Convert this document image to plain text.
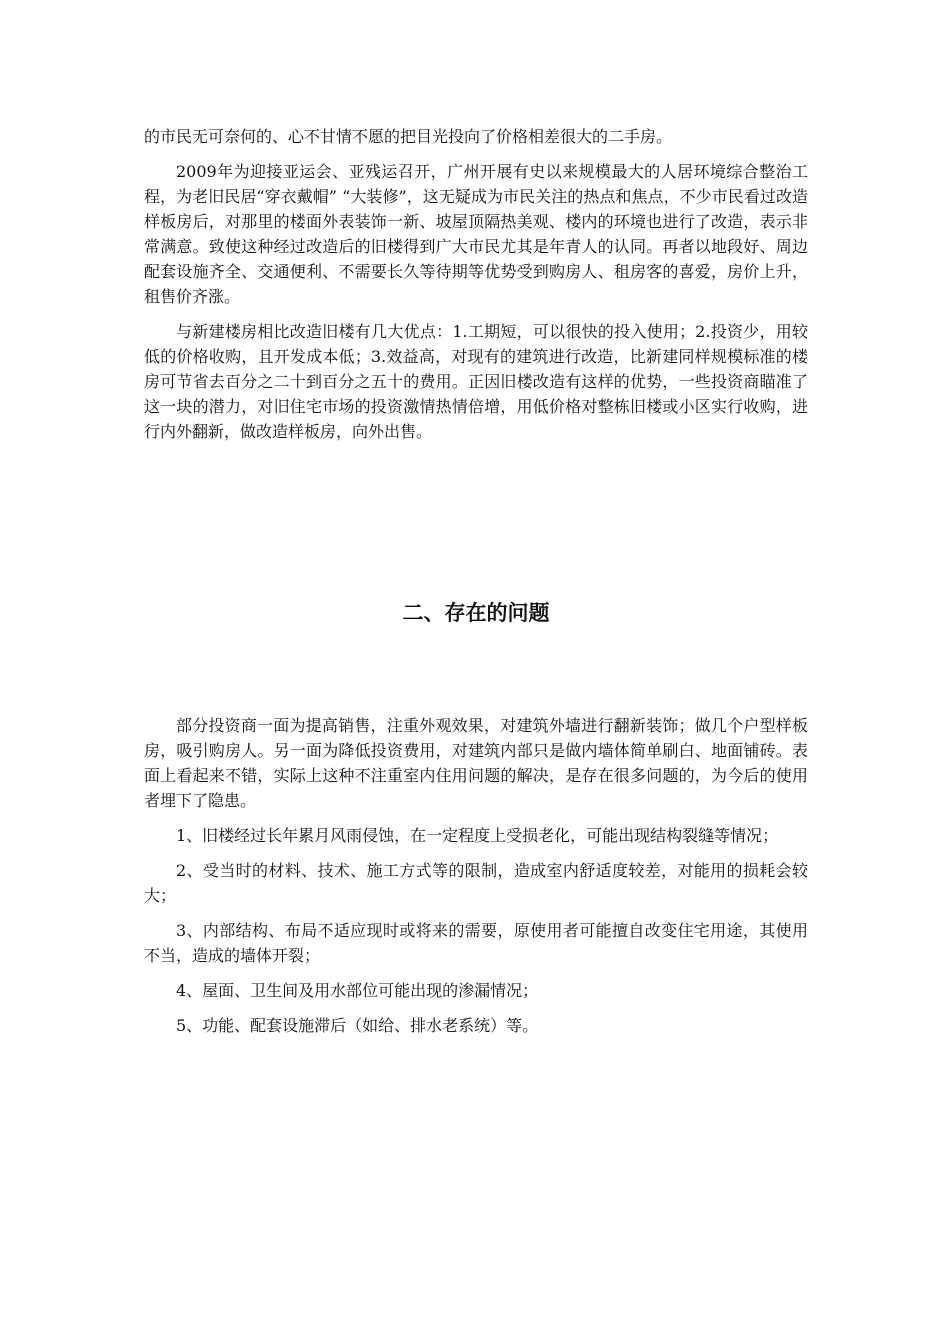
的市民无可奈何的、心不甘情不愿的把目光投向了价格相差很大的二手房。

2009年为迎接亚运会、亚残运召开，广州开展有史以来规模最大的人居环境综合整治工程，为老旧民居“穿衣戴帽” “大装修”，这无疑成为市民关注的热点和焦点，不少市民看过改造样板房后，对那里的楼面外表装饰一新、坡屋顶隔热美观、楼内的环境也进行了改造，表示非常满意。致使这种经过改造后的旧楼得到广大市民尤其是年青人的认同。再者以地段好、周边配套设施齐全、交通便利、不需要长久等待期等优势受到购房人、租房客的喜爱，房价上升，租售价齐涨。

与新建楼房相比改造旧楼有几大优点：1.工期短，可以很快的投入使用；2.投资少，用较低的价格收购，且开发成本低；3.效益高，对现有的建筑进行改造，比新建同样规模标准的楼房可节省去百分之二十到百分之五十的费用。正因旧楼改造有这样的优势，一些投资商瞄准了这一块的潜力，对旧住宅市场的投资激情热情倍增，用低价格对整栋旧楼或小区实行收购，进行内外翻新，做改造样板房，向外出售。

二、存在的问题

部分投资商一面为提高销售，注重外观效果，对建筑外墙进行翻新装饰；做几个户型样板房，吸引购房人。另一面为降低投资费用，对建筑内部只是做内墙体简单刷白、地面铺砖。表面上看起来不错，实际上这种不注重室内住用问题的解决，是存在很多问题的，为今后的使用者埋下了隐患。

1、旧楼经过长年累月风雨侵蚀，在一定程度上受损老化，可能出现结构裂缝等情况；

2、受当时的材料、技术、施工方式等的限制，造成室内舒适度较差，对能用的损耗会较大；

3、内部结构、布局不适应现时或将来的需要，原使用者可能擅自改变住宅用途，其使用不当，造成的墙体开裂；

4、屋面、卫生间及用水部位可能出现的渗漏情况；

5、功能、配套设施滞后（如给、排水老系统）等。
